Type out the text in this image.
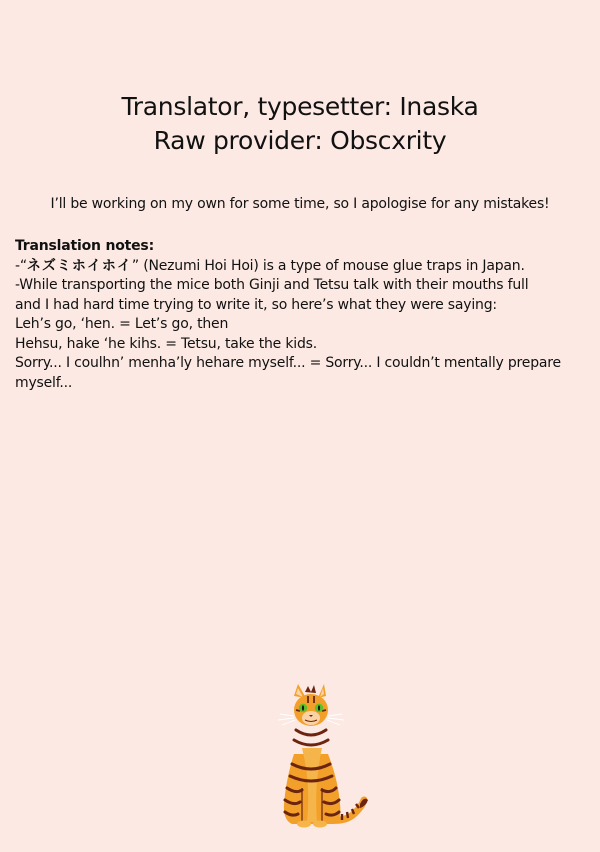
Translator, typesetter: Inaska
Raw provider: Obscxrity
I’ll be working on my own for some time, so I apologise for any mistakes!
Translation notes:
-“ネズミホイホイ” (Nezumi Hoi Hoi) is a type of mouse glue traps in Japan.
-While transporting the mice both Ginji and Tetsu talk with their mouths full
and I had hard time trying to write it, so here’s what they were saying:
Leh’s go, ‘hen. = Let’s go, then
Hehsu, hake ‘he kihs. = Tetsu, take the kids.
Sorry... I coulhn’ menha’ly hehare myself... = Sorry... I couldn’t mentally prepare myself...
